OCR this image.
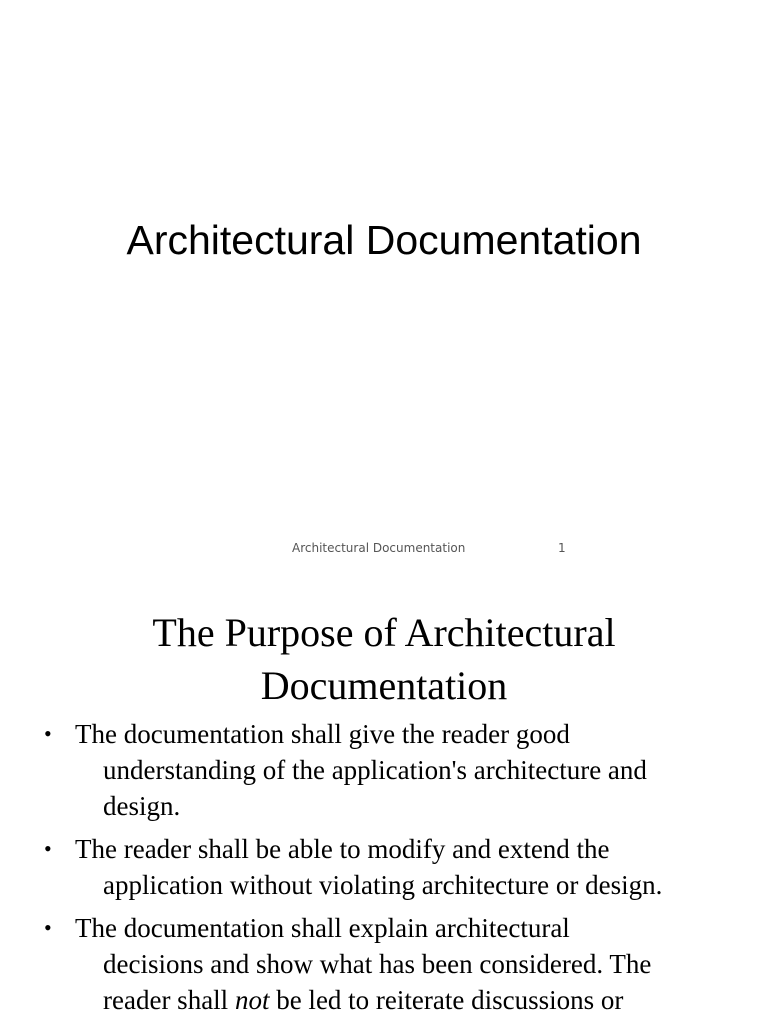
Architectural Documentation
Architectural Documentation	1
The Purpose of Architectural
Documentation
• The documentation shall give the reader good
understanding of the application's architecture and
design.
• The reader shall be able to modify and extend the
application without violating architecture or design.
• The documentation shall explain architectural
decisions and show what has been considered. The
reader shall not be led to reiterate discussions or
